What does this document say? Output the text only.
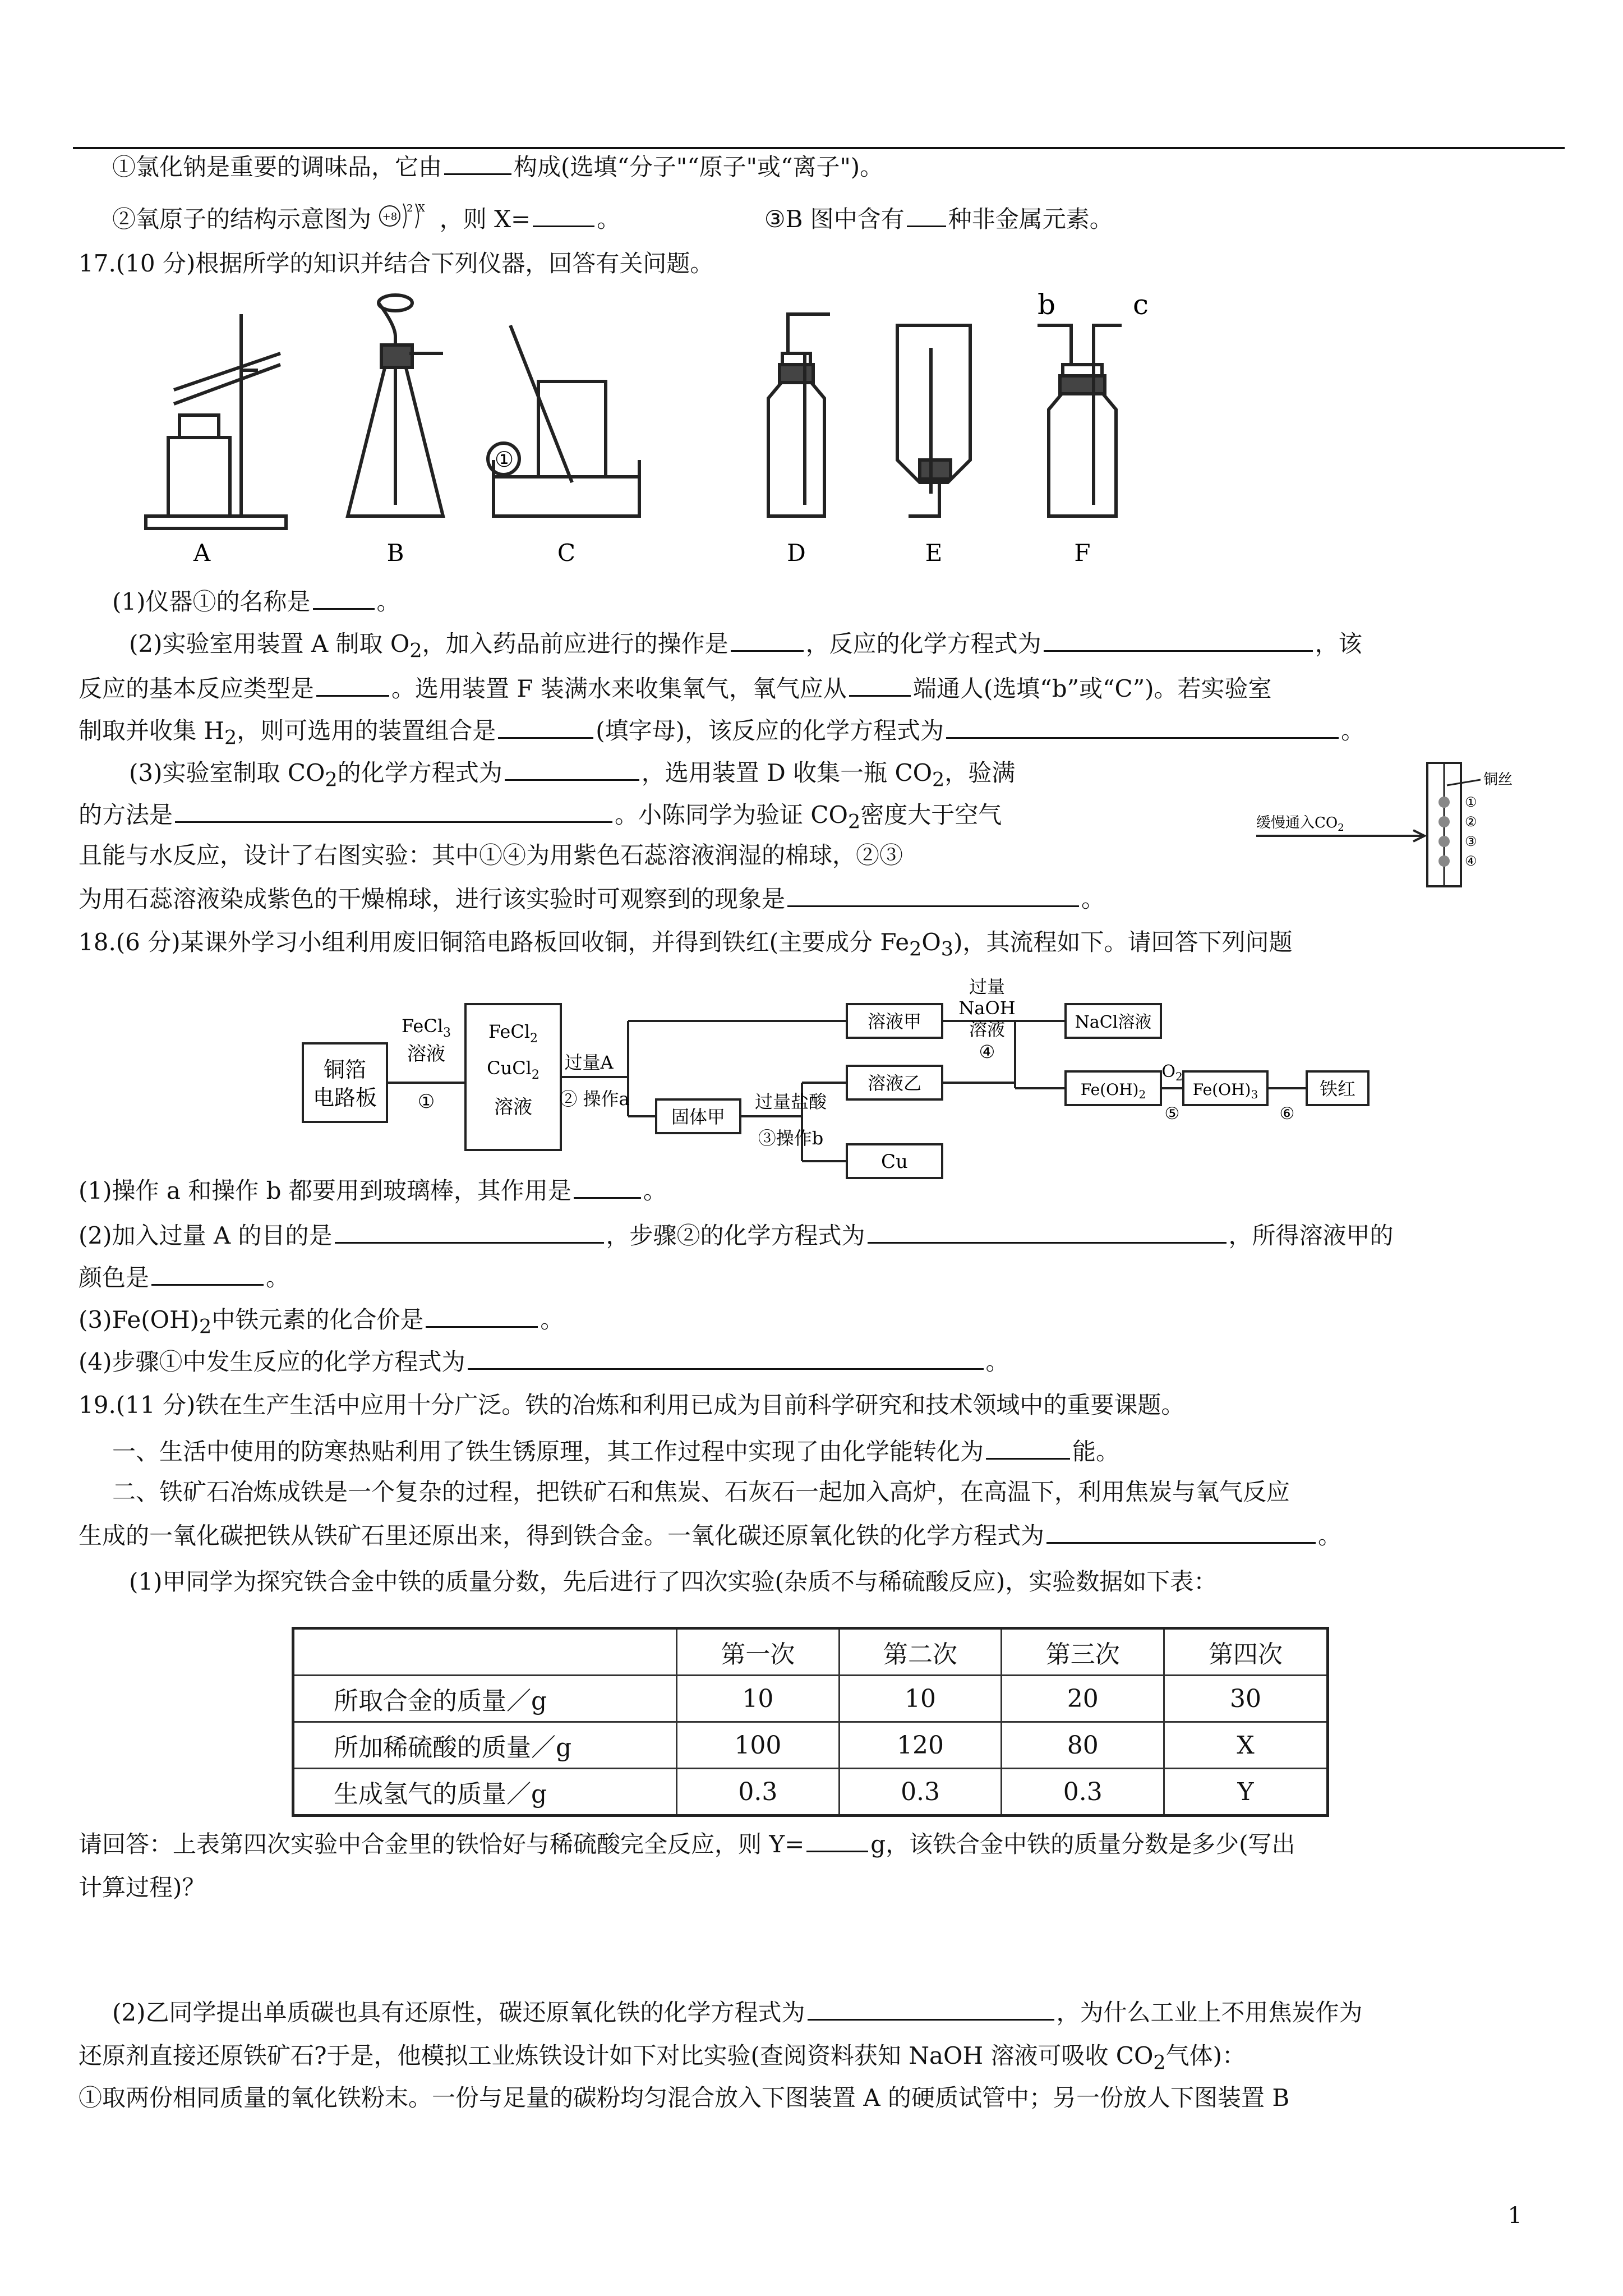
①氯化钠是重要的调味品，它由	构成(选填“分子"“原子"或“离子")。
②氧原子的结构示意图为 +8
2 X ，则 X=	。	③B 图中含有 种非金属元素。
17.(10 分)根据所学的知识并结合下列仪器，回答有关问题。
A	B	C	D	E	F
①
b	c
(1)仪器①的名称是	。
(2)实验室用装置 A 制取 $O_2$，加入药品前应进行的操作是	，反应的化学方程式为	，该
反应的基本反应类型是	。选用装置 F 装满水来收集氧气，氧气应从	端通人(选填“b”或“C”)。若实验室
制取并收集 $H_2$，则可选用的装置组合是	(填字母)，该反应的化学方程式为	。
(3)实验室制取 $CO_2$的化学方程式为	，选用装置 D 收集一瓶 $CO_2$，验满
的方法是	。小陈同学为验证 $CO_2$密度大于空气
且能与水反应，设计了右图实验：其中①④为用紫色石蕊溶液润湿的棉球，②③
为用石蕊溶液染成紫色的干燥棉球，进行该实验时可观察到的现象是	。
缓慢通入$CO_2$
①
②
③
④
铜丝
18.(6 分)某课外学习小组利用废旧铜箔电路板回收铜，并得到铁红(主要成分 $Fe_2O_3$)，其流程如下。请回答下列问题
铜箔
电路板
FeCl$_3$
溶液
①
FeCl$_2$
CuCl$_2$
溶液
过量A
② 操作a
溶液甲
溶液乙
固体甲
过量盐酸
③操作b
Cu
过量
NaOH
溶液
④
NaCl溶液
$Fe(OH)_2$
$O_2$
⑤
$Fe(OH)_3$
⑥
铁红
(1)操作 a 和操作 b 都要用到玻璃棒，其作用是	。
(2)加入过量 A 的目的是	，步骤②的化学方程式为	，所得溶液甲的
颜色是	。
$(3)Fe(OH)_2$中铁元素的化合价是	。
(4)步骤①中发生反应的化学方程式为	。
19.(11 分)铁在生产生活中应用十分广泛。铁的冶炼和利用已成为目前科学研究和技术领域中的重要课题。
一、生活中使用的防寒热贴利用了铁生锈原理，其工作过程中实现了由化学能转化为	能。
二、铁矿石冶炼成铁是一个复杂的过程，把铁矿石和焦炭、石灰石一起加入高炉，在高温下，利用焦炭与氧气反应
生成的一氧化碳把铁从铁矿石里还原出来，得到铁合金。一氧化碳还原氧化铁的化学方程式为	。
(1)甲同学为探究铁合金中铁的质量分数，先后进行了四次实验(杂质不与稀硫酸反应)，实验数据如下表：
	第一次	第二次	第三次	第四次
所取合金的质量／g	10	10	20	30
所加稀硫酸的质量／g	100	120	80	X
生成氢气的质量／g	0.3	0.3	0.3	Y
请回答：上表第四次实验中合金里的铁恰好与稀硫酸完全反应，则 Y=	g，该铁合金中铁的质量分数是多少(写出
计算过程)？
(2)乙同学提出单质碳也具有还原性，碳还原氧化铁的化学方程式为	，为什么工业上不用焦炭作为
还原剂直接还原铁矿石?于是，他模拟工业炼铁设计如下对比实验(查阅资料获知 NaOH 溶液可吸收 $CO_2$气体)：
①取两份相同质量的氧化铁粉末。一份与足量的碳粉均匀混合放入下图装置 A 的硬质试管中；另一份放人下图装置 B
1
